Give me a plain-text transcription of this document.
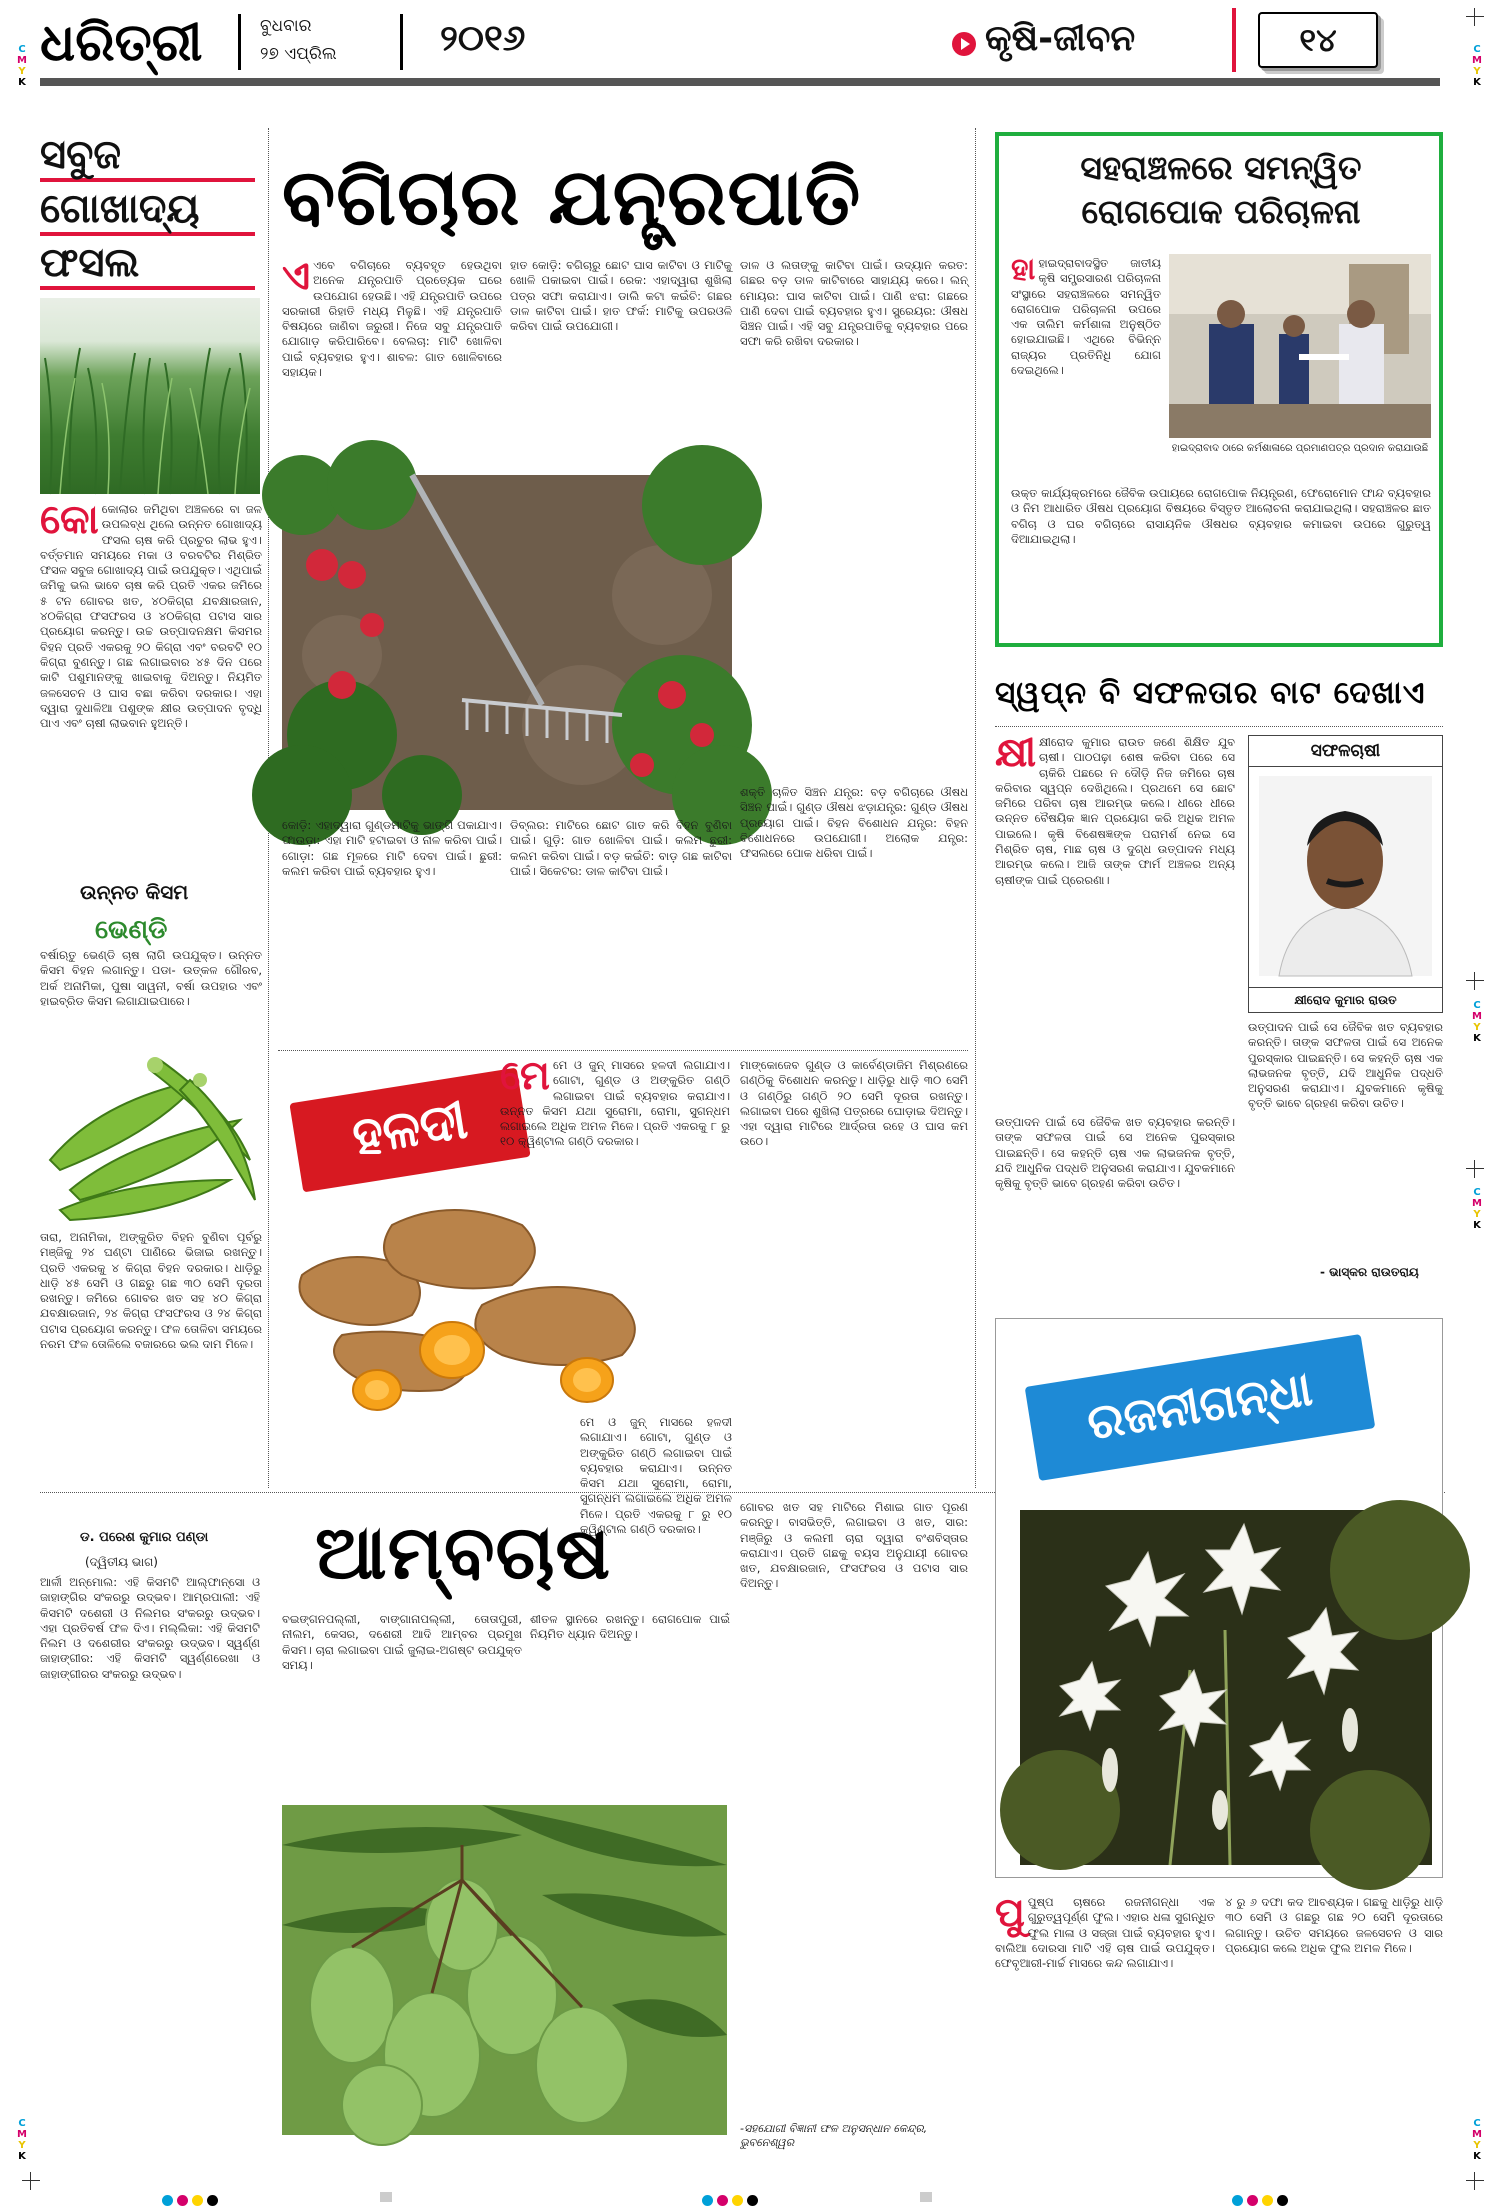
C
M
Y
K
C
M
Y
K
C
M
Y
K
C
M
Y
K
C
M
Y
K
C
M
Y
K
ଧରିତ୍ରୀ	ବୁଧବାର
୨୭ ଏପ୍ରିଲ	୨୦୧୬	କୃଷି-ଜୀବନ	୧୪
ସବୁଜ
ଗୋଖାଦ୍ୟ
ଫସଲ
କୋକୋଲାର ଜମିଥିବା ଅଞ୍ଚଳରେ ବା ଜଳ ଉପଲବ୍ଧ ଥିଲେ ଉନ୍ନତ ଗୋଖାଦ୍ୟ ଫସଲ ଚାଷ କରି ପ୍ରଚୁର ଲାଭ ହୁଏ। ବର୍ତ୍ତମାନ ସମୟରେ ମକା ଓ ବରବଟିର ମିଶ୍ରିତ ଫସଳ ସବୁଜ ଗୋଖାଦ୍ୟ ପାଇଁ ଉପଯୁକ୍ତ। ଏଥିପାଇଁ ଜମିକୁ ଭଲ ଭାବେ ଚାଷ କରି ପ୍ରତି ଏକର ଜମିରେ ୫ ଟନ ଗୋବର ଖତ, ୪୦କିଗ୍ରା ଯବକ୍ଷାରଜାନ, ୪୦କିଗ୍ରା ଫସଫରସ ଓ ୪୦କିଗ୍ରା ପଟାସ ସାର ପ୍ରୟୋଗ କରନ୍ତୁ। ଉଚ୍ଚ ଉତ୍ପାଦନକ୍ଷମ କିସମର ବିହନ ପ୍ରତି ଏକରକୁ ୨୦ କିଗ୍ରା ଏବଂ ବରବଟି ୧୦ କିଗ୍ରା ବୁଣନ୍ତୁ। ଗଛ ଲଗାଇବାର ୪୫ ଦିନ ପରେ କାଟି ପଶୁମାନଙ୍କୁ ଖାଇବାକୁ ଦିଅନ୍ତୁ। ନିୟମିତ ଜଳସେଚନ ଓ ଘାସ ବଛା କରିବା ଦରକାର। ଏହା ଦ୍ୱାରା ଦୁଧାଳିଆ ପଶୁଙ୍କ କ୍ଷୀର ଉତ୍ପାଦନ ବୃଦ୍ଧି ପାଏ ଏବଂ ଚାଷୀ ଲାଭବାନ ହୁଅନ୍ତି।
ଉନ୍ନତ କିସମ
ଭେଣ୍ଡି
ବର୍ଷାଋତୁ ଭେଣ୍ଡି ଚାଷ ଲାଗି ଉପଯୁକ୍ତ। ଉନ୍ନତ କିସମ ବିହନ ଲଗାନ୍ତୁ। ପଡା- ଉତ୍କଳ ଗୌରବ, ଅର୍କ ଅନାମିକା, ପୁଷା ସାୱନୀ, ବର୍ଷା ଉପହାର ଏବଂ ହାଇବ୍ରିଡ କିସମ ଲଗାଯାଇପାରେ।
ତାରା, ଅନାମିକା, ଅଙ୍କୁରିତ ବିହନ ବୁଣିବା ପୂର୍ବରୁ ମଞ୍ଜିକୁ ୨୪ ଘଣ୍ଟା ପାଣିରେ ଭିଜାଇ ରଖନ୍ତୁ। ପ୍ରତି ଏକରକୁ ୪ କିଗ୍ରା ବିହନ ଦରକାର। ଧାଡ଼ିରୁ ଧାଡ଼ି ୪୫ ସେମି ଓ ଗଛରୁ ଗଛ ୩୦ ସେମି ଦୂରତା ରଖନ୍ତୁ। ଜମିରେ ଗୋବର ଖତ ସହ ୪୦ କିଗ୍ରା ଯବକ୍ଷାରଜାନ, ୨୪ କିଗ୍ରା ଫସଫରସ ଓ ୨୪ କିଗ୍ରା ପଟାସ ପ୍ରୟୋଗ କରନ୍ତୁ। ଫଳ ତୋଳିବା ସମୟରେ ନରମ ଫଳ ତୋଳିଲେ ବଜାରରେ ଭଲ ଦାମ ମିଳେ।
ବଗିଚାର ଯନ୍ତ୍ରପାତି
ଏଏବେ ବଗିଚାରେ ବ୍ୟବହୃତ ହେଉଥିବା ଅନେକ ଯନ୍ତ୍ରପାତି ପ୍ରତ୍ୟେକ ଘରେ ଉପଯୋଗ ହେଉଛି। ଏହି ଯନ୍ତ୍ରପାତି ଉପରେ ସରକାରୀ ରିହାତି ମଧ୍ୟ ମିଳୁଛି। ଏହି ଯନ୍ତ୍ରପାତି ବିଷୟରେ ଜାଣିବା ଜରୁରୀ। ନିଜେ ସବୁ ଯନ୍ତ୍ରପାତି ଯୋଗାଡ଼ କରିପାରିବେ। ବେଲଚା: ମାଟି ଖୋଳିବା ପାଇଁ ବ୍ୟବହାର ହୁଏ। ଶାବଳ: ଗାତ ଖୋଳିବାରେ ସହାୟକ।
ହାତ କୋଡ଼ି: ବଗିଚାରୁ ଛୋଟ ଘାସ କାଟିବା ଓ ମାଟିକୁ ଖୋଳି ପକାଇବା ପାଇଁ। ରେକ: ଏହାଦ୍ୱାରା ଶୁଖିଲା ପତ୍ର ସଫା କରାଯାଏ। ଡାଲି କଟା କଇଁଚି: ଗଛର ଡାଳ କାଟିବା ପାଇଁ। ହାତ ଫର୍କ: ମାଟିକୁ ଉପରଓଳି କରିବା ପାଇଁ ଉପଯୋଗୀ।
ଡାଳ ଓ ଲତାଙ୍କୁ କାଟିବା ପାଇଁ। ଉଦ୍ୟାନ କରତ: ଗଛର ବଡ଼ ଡାଳ କାଟିବାରେ ସାହାଯ୍ୟ କରେ। ଲନ୍ ମୋୟର: ଘାସ କାଟିବା ପାଇଁ। ପାଣି ଝରା: ଗଛରେ ପାଣି ଦେବା ପାଇଁ ବ୍ୟବହାର ହୁଏ। ସ୍ପ୍ରେୟର: ଔଷଧ ସିଞ୍ଚନ ପାଇଁ। ଏହି ସବୁ ଯନ୍ତ୍ରପାତିକୁ ବ୍ୟବହାର ପରେ ସଫା କରି ରଖିବା ଦରକାର।
କୋଡ଼ି: ଏହାଦ୍ୱାରା ଗୁଣ୍ଡମାଟିକୁ ଭାଙ୍ଗି ପକାଯାଏ। ଫାଉଡ଼ା: ଏହା ମାଟି ହଟାଇବା ଓ ନାଳ କରିବା ପାଇଁ। ଗୋଡ଼ା: ଗଛ ମୂଳରେ ମାଟି ଦେବା ପାଇଁ। ଛୁରୀ: କଲମ କରିବା ପାଇଁ ବ୍ୟବହାର ହୁଏ।
ଡିବ୍ଲର: ମାଟିରେ ଛୋଟ ଗାତ କରି ବିହନ ବୁଣିବା ପାଇଁ। ଗୁଡ଼ି: ଗାତ ଖୋଳିବା ପାଇଁ। କଲମ ଛୁରୀ: କଲମ କରିବା ପାଇଁ। ବଡ଼ କଇଁଚି: ବାଡ଼ ଗଛ କାଟିବା ପାଇଁ। ସିକେଟର: ଡାଳ କାଟିବା ପାଇଁ।
ଶକ୍ତି ଚାଳିତ ସିଞ୍ଚନ ଯନ୍ତ୍ର: ବଡ଼ ବଗିଚାରେ ଔଷଧ ସିଞ୍ଚନ ପାଇଁ। ଗୁଣ୍ଡ ଔଷଧ ଝଡ଼ାଯନ୍ତ୍ର: ଗୁଣ୍ଡ ଔଷଧ ପ୍ରୟୋଗ ପାଇଁ। ବିହନ ବିଶୋଧନ ଯନ୍ତ୍ର: ବିହନ ବିଶୋଧନରେ ଉପଯୋଗୀ। ଅଲୋକ ଯନ୍ତ୍ର: ଫସଲରେ ପୋକ ଧରିବା ପାଇଁ।
ହଳଦୀ
ମେମେ ଓ ଜୁନ୍ ମାସରେ ହଳଦୀ ଲଗାଯାଏ। ଗୋଟା, ଗୁଣ୍ଡ ଓ ଅଙ୍କୁରିତ ଗଣ୍ଠି ଲଗାଇବା ପାଇଁ ବ୍ୟବହାର କରାଯାଏ। ଉନ୍ନତ କିସମ ଯଥା ସୁରୋମା, ରୋମା, ସୁଗନ୍ଧମ ଲଗାଇଲେ ଅଧିକ ଅମଳ ମିଳେ। ପ୍ରତି ଏକରକୁ ୮ ରୁ ୧୦ କ୍ୱିଣ୍ଟାଲ ଗଣ୍ଠି ଦରକାର।
ମାଙ୍କୋଜେବ ଗୁଣ୍ଡ ଓ କାର୍ବେଣ୍ଡାଜିମ ମିଶ୍ରଣରେ ଗଣ୍ଠିକୁ ବିଶୋଧନ କରନ୍ତୁ। ଧାଡ଼ିରୁ ଧାଡ଼ି ୩୦ ସେମି ଓ ଗଣ୍ଠିରୁ ଗଣ୍ଠି ୨୦ ସେମି ଦୂରତା ରଖନ୍ତୁ। ଲଗାଇବା ପରେ ଶୁଖିଲା ପତ୍ରରେ ଘୋଡ଼ାଇ ଦିଅନ୍ତୁ। ଏହା ଦ୍ୱାରା ମାଟିରେ ଆର୍ଦ୍ରତା ରହେ ଓ ଘାସ କମ ଉଠେ।
ମେ ଓ ଜୁନ୍ ମାସରେ ହଳଦୀ ଲଗାଯାଏ। ଗୋଟା, ଗୁଣ୍ଡ ଓ ଅଙ୍କୁରିତ ଗଣ୍ଠି ଲଗାଇବା ପାଇଁ ବ୍ୟବହାର କରାଯାଏ। ଉନ୍ନତ କିସମ ଯଥା ସୁରୋମା, ରୋମା, ସୁଗନ୍ଧମ ଲଗାଇଲେ ଅଧିକ ଅମଳ ମିଳେ। ପ୍ରତି ଏକରକୁ ୮ ରୁ ୧୦ କ୍ୱିଣ୍ଟାଲ ଗଣ୍ଠି ଦରକାର।
ସହରାଞ୍ଚଳରେ ସମନ୍ୱିତ
ରୋଗପୋକ ପରିଚାଳନା
ହାହାଇଦ୍ରାବାଦସ୍ଥିତ ଜାତୀୟ କୃଷି ସମ୍ପ୍ରସାରଣ ପରିଚାଳନା ସଂସ୍ଥାରେ ସହରାଞ୍ଚଳରେ ସମନ୍ୱିତ ରୋଗପୋକ ପରିଚାଳନା ଉପରେ ଏକ ତାଲିମ କର୍ମଶାଳା ଅନୁଷ୍ଠିତ ହୋଇଯାଇଛି। ଏଥିରେ ବିଭିନ୍ନ ରାଜ୍ୟର ପ୍ରତିନିଧି ଯୋଗ ଦେଇଥିଲେ।
ହାଇଦ୍ରାବାଦ ଠାରେ କର୍ମଶାଳାରେ ପ୍ରମାଣପତ୍ର ପ୍ରଦାନ କରାଯାଉଛି
ଉକ୍ତ କାର୍ଯ୍ୟକ୍ରମରେ ଜୈବିକ ଉପାୟରେ ରୋଗପୋକ ନିୟନ୍ତ୍ରଣ, ଫେରୋମୋନ ଫାନ୍ଦ ବ୍ୟବହାର ଓ ନିମ ଆଧାରିତ ଔଷଧ ପ୍ରୟୋଗ ବିଷୟରେ ବିସ୍ତୃତ ଆଲୋଚନା କରାଯାଇଥିଲା। ସହରାଞ୍ଚଳର ଛାତ ବଗିଚା ଓ ଘର ବଗିଚାରେ ରାସାୟନିକ ଔଷଧର ବ୍ୟବହାର କମାଇବା ଉପରେ ଗୁରୁତ୍ୱ ଦିଆଯାଇଥିଲା।
ସ୍ୱପ୍ନ ବି ସଫଳତାର ବାଟ ଦେଖାଏ
କ୍ଷୀ କ୍ଷୀରୋଦ କୁମାର ରାଉତ ଜଣେ ଶିକ୍ଷିତ ଯୁବ ଚାଷୀ। ପାଠପଢ଼ା ଶେଷ କରିବା ପରେ ସେ ଚାକିରି ପଛରେ ନ ଦୌଡ଼ି ନିଜ ଜମିରେ ଚାଷ କରିବାର ସ୍ୱପ୍ନ ଦେଖିଥିଲେ। ପ୍ରଥମେ ସେ ଛୋଟ ଜମିରେ ପରିବା ଚାଷ ଆରମ୍ଭ କଲେ। ଧୀରେ ଧୀରେ ଉନ୍ନତ ବୈଷୟିକ ଜ୍ଞାନ ପ୍ରୟୋଗ କରି ଅଧିକ ଅମଳ ପାଇଲେ। କୃଷି ବିଶେଷଜ୍ଞଙ୍କ ପରାମର୍ଶ ନେଇ ସେ ମିଶ୍ରିତ ଚାଷ, ମାଛ ଚାଷ ଓ ଦୁଗ୍ଧ ଉତ୍ପାଦନ ମଧ୍ୟ ଆରମ୍ଭ କଲେ। ଆଜି ତାଙ୍କ ଫାର୍ମ ଅଞ୍ଚଳର ଅନ୍ୟ ଚାଷୀଙ୍କ ପାଇଁ ପ୍ରେରଣା।
ସଫଳଚାଷୀ
କ୍ଷୀରୋଦ କୁମାର ରାଉତ
ଉତ୍ପାଦନ ପାଇଁ ସେ ଜୈବିକ ଖତ ବ୍ୟବହାର କରନ୍ତି। ତାଙ୍କ ସଫଳତା ପାଇଁ ସେ ଅନେକ ପୁରସ୍କାର ପାଇଛନ୍ତି। ସେ କହନ୍ତି ଚାଷ ଏକ ଲାଭଜନକ ବୃତ୍ତି, ଯଦି ଆଧୁନିକ ପଦ୍ଧତି ଅନୁସରଣ କରାଯାଏ। ଯୁବକମାନେ କୃଷିକୁ ବୃତ୍ତି ଭାବେ ଗ୍ରହଣ କରିବା ଉଚିତ।
- ଭାସ୍କର ରାଉତରାୟ
ଉତ୍ପାଦନ ପାଇଁ ସେ ଜୈବିକ ଖତ ବ୍ୟବହାର କରନ୍ତି। ତାଙ୍କ ସଫଳତା ପାଇଁ ସେ ଅନେକ ପୁରସ୍କାର ପାଇଛନ୍ତି। ସେ କହନ୍ତି ଚାଷ ଏକ ଲାଭଜନକ ବୃତ୍ତି, ଯଦି ଆଧୁନିକ ପଦ୍ଧତି ଅନୁସରଣ କରାଯାଏ। ଯୁବକମାନେ କୃଷିକୁ ବୃତ୍ତି ଭାବେ ଗ୍ରହଣ କରିବା ଉଚିତ।
ରଜନୀଗନ୍ଧା
ପୁପୁଷ୍ପ ଚାଷରେ ରଜନୀଗନ୍ଧା ଏକ ଗୁରୁତ୍ୱପୂର୍ଣ୍ଣ ଫୁଲ। ଏହାର ଧଳା ସୁଗନ୍ଧିତ ଫୁଲ ମାଳା ଓ ସଜ୍ଜା ପାଇଁ ବ୍ୟବହାର ହୁଏ। ବାଲିଆ ଦୋରସା ମାଟି ଏହି ଚାଷ ପାଇଁ ଉପଯୁକ୍ତ। ଫେବୃଆରୀ-ମାର୍ଚ୍ଚ ମାସରେ କନ୍ଦ ଲଗାଯାଏ।
୪ ରୁ ୬ ଦଫା କଦ ଆବଶ୍ୟକ। ଗଛକୁ ଧାଡ଼ିରୁ ଧାଡ଼ି ୩୦ ସେମି ଓ ଗଛରୁ ଗଛ ୨୦ ସେମି ଦୂରତାରେ ଲଗାନ୍ତୁ। ଉଚିତ ସମୟରେ ଜଳସେଚନ ଓ ସାର ପ୍ରୟୋଗ କଲେ ଅଧିକ ଫୁଲ ଅମଳ ମିଳେ।
ଡ. ପରେଶ କୁମାର ପଣ୍ଡା
(ଦ୍ୱିତୀୟ ଭାଗ)
ଆର୍ଳୀ ଅନ୍ମୋଲ: ଏହି କିସମଟି ଆଲ୍ଫାନ୍ସୋ ଓ ଜାହାଙ୍ଗିର ସଂକରରୁ ଉଦ୍ଭବ। ଆମ୍ରପାଲୀ: ଏହି କିସମଟି ଦଶେରୀ ଓ ନିଲମର ସଂକରରୁ ଉଦ୍ଭବ। ଏହା ପ୍ରତିବର୍ଷ ଫଳ ଦିଏ। ମଲ୍ଲିକା: ଏହି କିସମଟି ନିଲମ ଓ ଦଶେରୀର ସଂକରରୁ ଉଦ୍ଭବ। ସ୍ୱର୍ଣ୍ଣ ଜାହାଙ୍ଗୀର: ଏହି କିସମଟି ସ୍ୱର୍ଣ୍ଣରେଖା ଓ ଜାହାଙ୍ଗୀରର ସଂକରରୁ ଉଦ୍ଭବ।
ଆମ୍ବଚାଷ
ବଇଙ୍ଗନପଲ୍ଲୀ, ବାଙ୍ଗାନାପଲ୍ଲୀ, ତୋତାପୁରୀ, ନୀଲମ, କେସର, ଦଶେରୀ ଆଦି ଆମ୍ବର ପ୍ରମୁଖ କିସମ। ଚାରା ଲଗାଇବା ପାଇଁ ଜୁଲାଇ-ଅଗଷ୍ଟ ଉପଯୁକ୍ତ ସମୟ।
ଶୀତଳ ସ୍ଥାନରେ ରଖନ୍ତୁ। ରୋଗପୋକ ପାଇଁ ନିୟମିତ ଧ୍ୟାନ ଦିଅନ୍ତୁ।
ଗୋବର ଖତ ସହ ମାଟିରେ ମିଶାଇ ଗାତ ପୂରଣ କରନ୍ତୁ। ବାସଭିତ୍ତି, ଲଗାଇବା ଓ ଖତ, ସାର: ମଞ୍ଜିରୁ ଓ କଲମୀ ଚାରା ଦ୍ୱାରା ବଂଶବିସ୍ତାର କରାଯାଏ। ପ୍ରତି ଗଛକୁ ବୟସ ଅନୁଯାୟୀ ଗୋବର ଖତ, ଯବକ୍ଷାରଜାନ, ଫସଫରସ ଓ ପଟାସ ସାର ଦିଅନ୍ତୁ।
-ସହଯୋଗୀ ବିଜ୍ଞାନୀ ଫଳ ଅନୁସନ୍ଧାନ କେନ୍ଦ୍ର, ଭୁବନେଶ୍ୱର
